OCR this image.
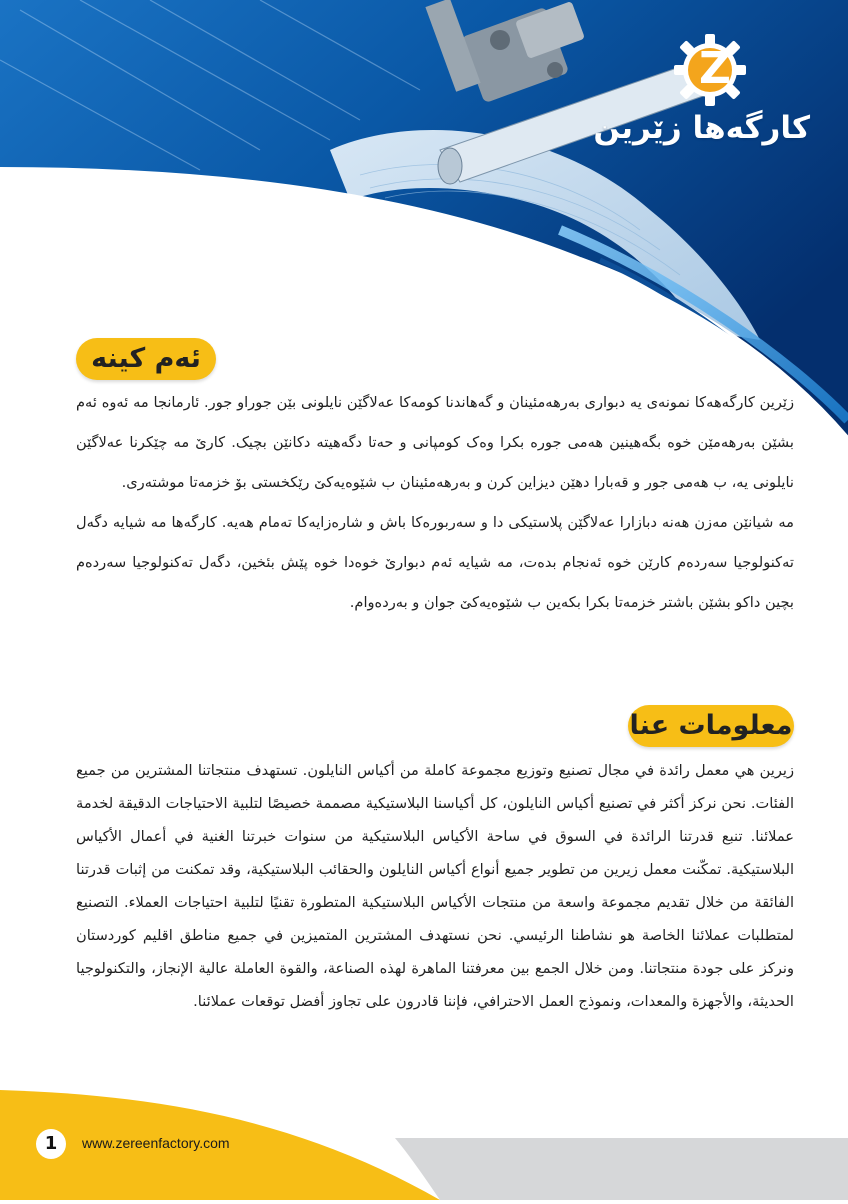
Z
کارگەها زێرین
ئەم کینە

زێرین کارگەهەکا نمونەی یە دبواری بەرهەمئینان و گەهاندنا کومەکا عەلاگێن نایلونی بێن جوراو جور. ئارمانجا مە ئەوە ئەم بشێن بەرهەمێن خوە بگەهینین هەمی جورە بکرا وەک کومپانی و حەتا دگەهیتە دکانێن بچیک. کارێ مە چێکرنا عەلاگێن نایلونی یە، ب هەمی جور و قەبارا دهێن دیزاین کرن و بەرهەمئینان ب شێوەیەکێ رێکخستی بۆ خزمەتا موشتەری.

مە شیانێن مەزن هەنە دبازارا عەلاگێن پلاستیکی دا و سەربورەکا باش و شارەزایەکا تەمام هەیە. کارگەها مە شیایە دگەل تەکنولوجیا سەردەم کارێن خوە ئەنجام بدەت، مە شیایە ئەم دبوارێ خوەدا خوە پێش بئخین، دگەل تەکنولوجیا سەردەم بچین داکو بشێن باشتر خزمەتا بکرا بکەین ب شێوەیەکێ جوان و بەردەوام.

معلومات عنا

زيرين هي معمل رائدة في مجال تصنيع وتوزيع مجموعة كاملة من أكياس النايلون. تستهدف منتجاتنا المشترين من جميع الفئات. نحن نركز أكثر في تصنيع أكياس النايلون، كل أكياسنا البلاستيكية مصممة خصيصًا لتلبية الاحتياجات الدقيقة لخدمة عملائنا. تنبع قدرتنا الرائدة في السوق في ساحة الأكياس البلاستيكية من سنوات خبرتنا الغنية في أعمال الأكياس البلاستيكية. تمكّنت معمل زيرين من تطوير جميع أنواع أكياس النايلون والحقائب البلاستيكية، وقد تمكنت من إثبات قدرتنا الفائقة من خلال تقديم مجموعة واسعة من منتجات الأكياس البلاستيكية المتطورة تقنيًا لتلبية احتياجات العملاء. التصنيع لمتطلبات عملائنا الخاصة هو نشاطنا الرئيسي. نحن نستهدف المشترين المتميزين في جميع مناطق اقليم كوردستان ونركز على جودة منتجاتنا. ومن خلال الجمع بين معرفتنا الماهرة لهذه الصناعة، والقوة العاملة عالية الإنجاز، والتكنولوجيا الحديثة، والأجهزة والمعدات، ونموذج العمل الاحترافي، فإننا قادرون على تجاوز أفضل توقعات عملائنا.

1	www.zereenfactory.com
